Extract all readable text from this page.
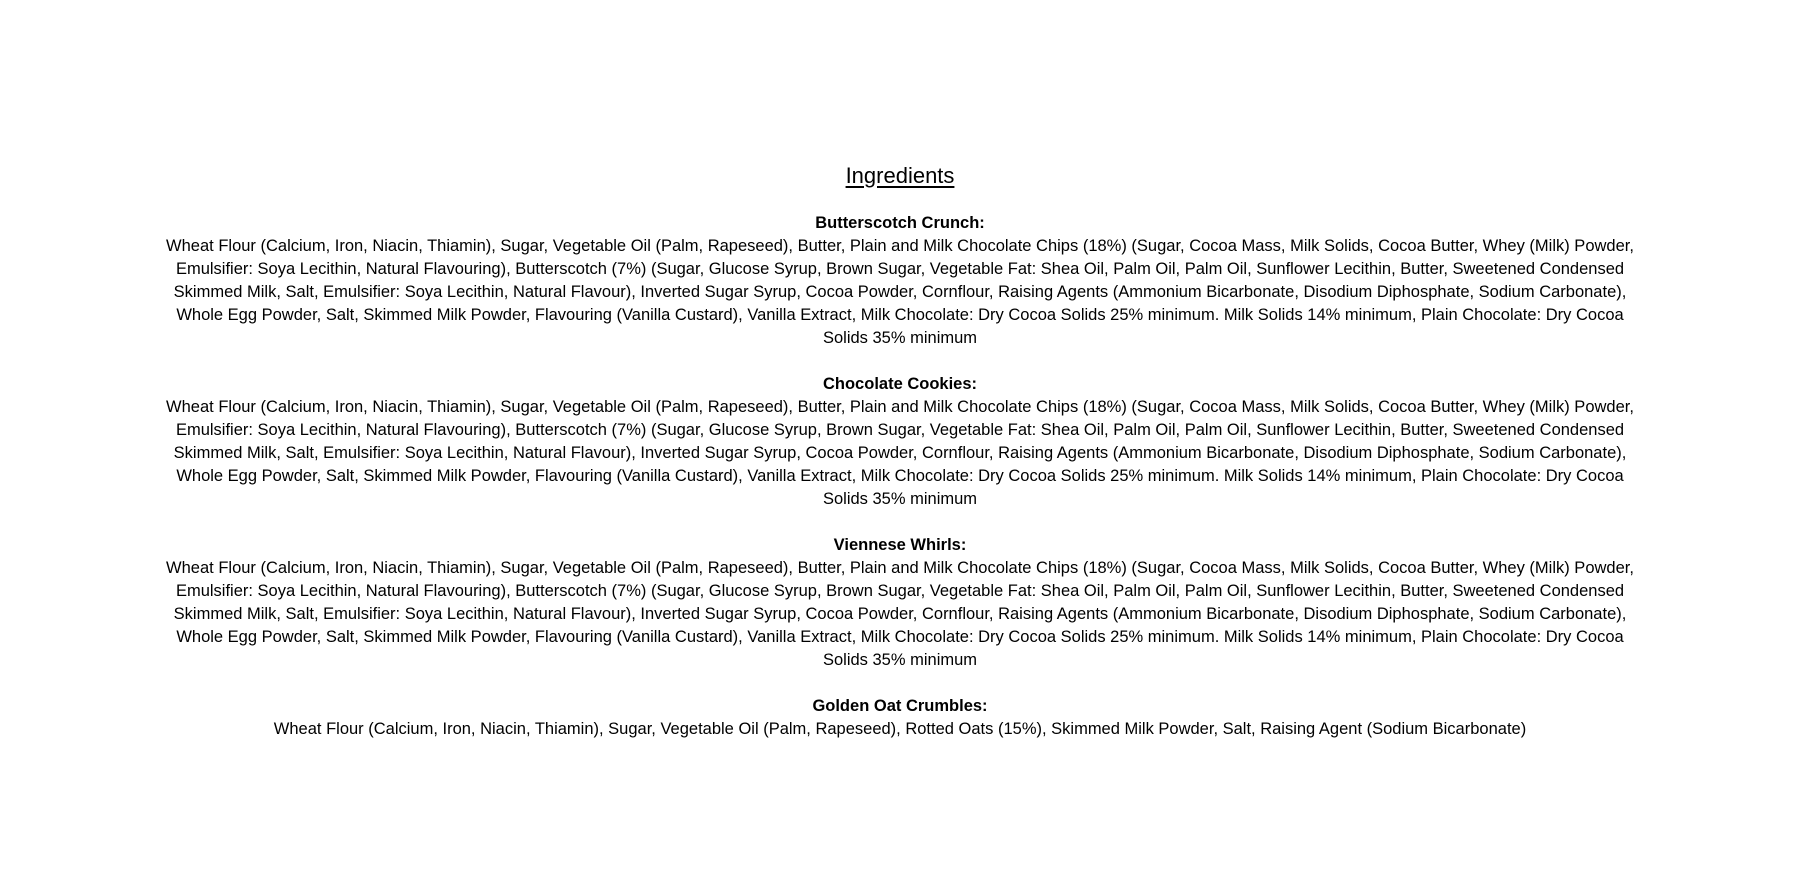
Ingredients

Butterscotch Crunch:

Wheat Flour (Calcium, Iron, Niacin, Thiamin), Sugar, Vegetable Oil (Palm, Rapeseed), Butter, Plain and Milk Chocolate Chips (18%) (Sugar, Cocoa Mass, Milk Solids, Cocoa Butter, Whey (Milk) Powder, Emulsifier: Soya Lecithin, Natural Flavouring), Butterscotch (7%) (Sugar, Glucose Syrup, Brown Sugar, Vegetable Fat: Shea Oil, Palm Oil, Palm Oil, Sunflower Lecithin, Butter, Sweetened Condensed Skimmed Milk, Salt, Emulsifier: Soya Lecithin, Natural Flavour), Inverted Sugar Syrup, Cocoa Powder, Cornflour, Raising Agents (Ammonium Bicarbonate, Disodium Diphosphate, Sodium Carbonate), Whole Egg Powder, Salt, Skimmed Milk Powder, Flavouring (Vanilla Custard), Vanilla Extract, Milk Chocolate: Dry Cocoa Solids 25% minimum. Milk Solids 14% minimum, Plain Chocolate: Dry Cocoa Solids 35% minimum

Chocolate Cookies:

Wheat Flour (Calcium, Iron, Niacin, Thiamin), Sugar, Vegetable Oil (Palm, Rapeseed), Butter, Plain and Milk Chocolate Chips (18%) (Sugar, Cocoa Mass, Milk Solids, Cocoa Butter, Whey (Milk) Powder, Emulsifier: Soya Lecithin, Natural Flavouring), Butterscotch (7%) (Sugar, Glucose Syrup, Brown Sugar, Vegetable Fat: Shea Oil, Palm Oil, Palm Oil, Sunflower Lecithin, Butter, Sweetened Condensed Skimmed Milk, Salt, Emulsifier: Soya Lecithin, Natural Flavour), Inverted Sugar Syrup, Cocoa Powder, Cornflour, Raising Agents (Ammonium Bicarbonate, Disodium Diphosphate, Sodium Carbonate), Whole Egg Powder, Salt, Skimmed Milk Powder, Flavouring (Vanilla Custard), Vanilla Extract, Milk Chocolate: Dry Cocoa Solids 25% minimum. Milk Solids 14% minimum, Plain Chocolate: Dry Cocoa Solids 35% minimum

Viennese Whirls:

Wheat Flour (Calcium, Iron, Niacin, Thiamin), Sugar, Vegetable Oil (Palm, Rapeseed), Butter, Plain and Milk Chocolate Chips (18%) (Sugar, Cocoa Mass, Milk Solids, Cocoa Butter, Whey (Milk) Powder, Emulsifier: Soya Lecithin, Natural Flavouring), Butterscotch (7%) (Sugar, Glucose Syrup, Brown Sugar, Vegetable Fat: Shea Oil, Palm Oil, Palm Oil, Sunflower Lecithin, Butter, Sweetened Condensed Skimmed Milk, Salt, Emulsifier: Soya Lecithin, Natural Flavour), Inverted Sugar Syrup, Cocoa Powder, Cornflour, Raising Agents (Ammonium Bicarbonate, Disodium Diphosphate, Sodium Carbonate), Whole Egg Powder, Salt, Skimmed Milk Powder, Flavouring (Vanilla Custard), Vanilla Extract, Milk Chocolate: Dry Cocoa Solids 25% minimum. Milk Solids 14% minimum, Plain Chocolate: Dry Cocoa Solids 35% minimum

Golden Oat Crumbles:

Wheat Flour (Calcium, Iron, Niacin, Thiamin), Sugar, Vegetable Oil (Palm, Rapeseed), Rotted Oats (15%), Skimmed Milk Powder, Salt, Raising Agent (Sodium Bicarbonate)
